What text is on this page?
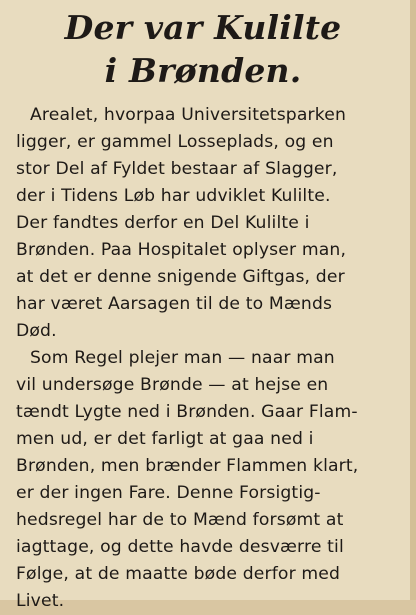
Der var Kulilte
i Brønden.

Arealet, hvorpaa Universitetsparken
ligger, er gammel Losseplads, og en
stor Del af Fyldet bestaar af Slagger,
der i Tidens Løb har udviklet Kulilte.
Der fandtes derfor en Del Kulilte i
Brønden. Paa Hospitalet oplyser man,
at det er denne snigende Giftgas, der
har været Aarsagen til de to Mænds
Død.

Som Regel plejer man — naar man
vil undersøge Brønde — at hejse en
tændt Lygte ned i Brønden. Gaar Flam-
men ud, er det farligt at gaa ned i
Brønden, men brænder Flammen klart,
er der ingen Fare. Denne Forsigtig-
hedsregel har de to Mænd forsømt at
iagttage, og dette havde desværre til
Følge, at de maatte bøde derfor med
Livet.
